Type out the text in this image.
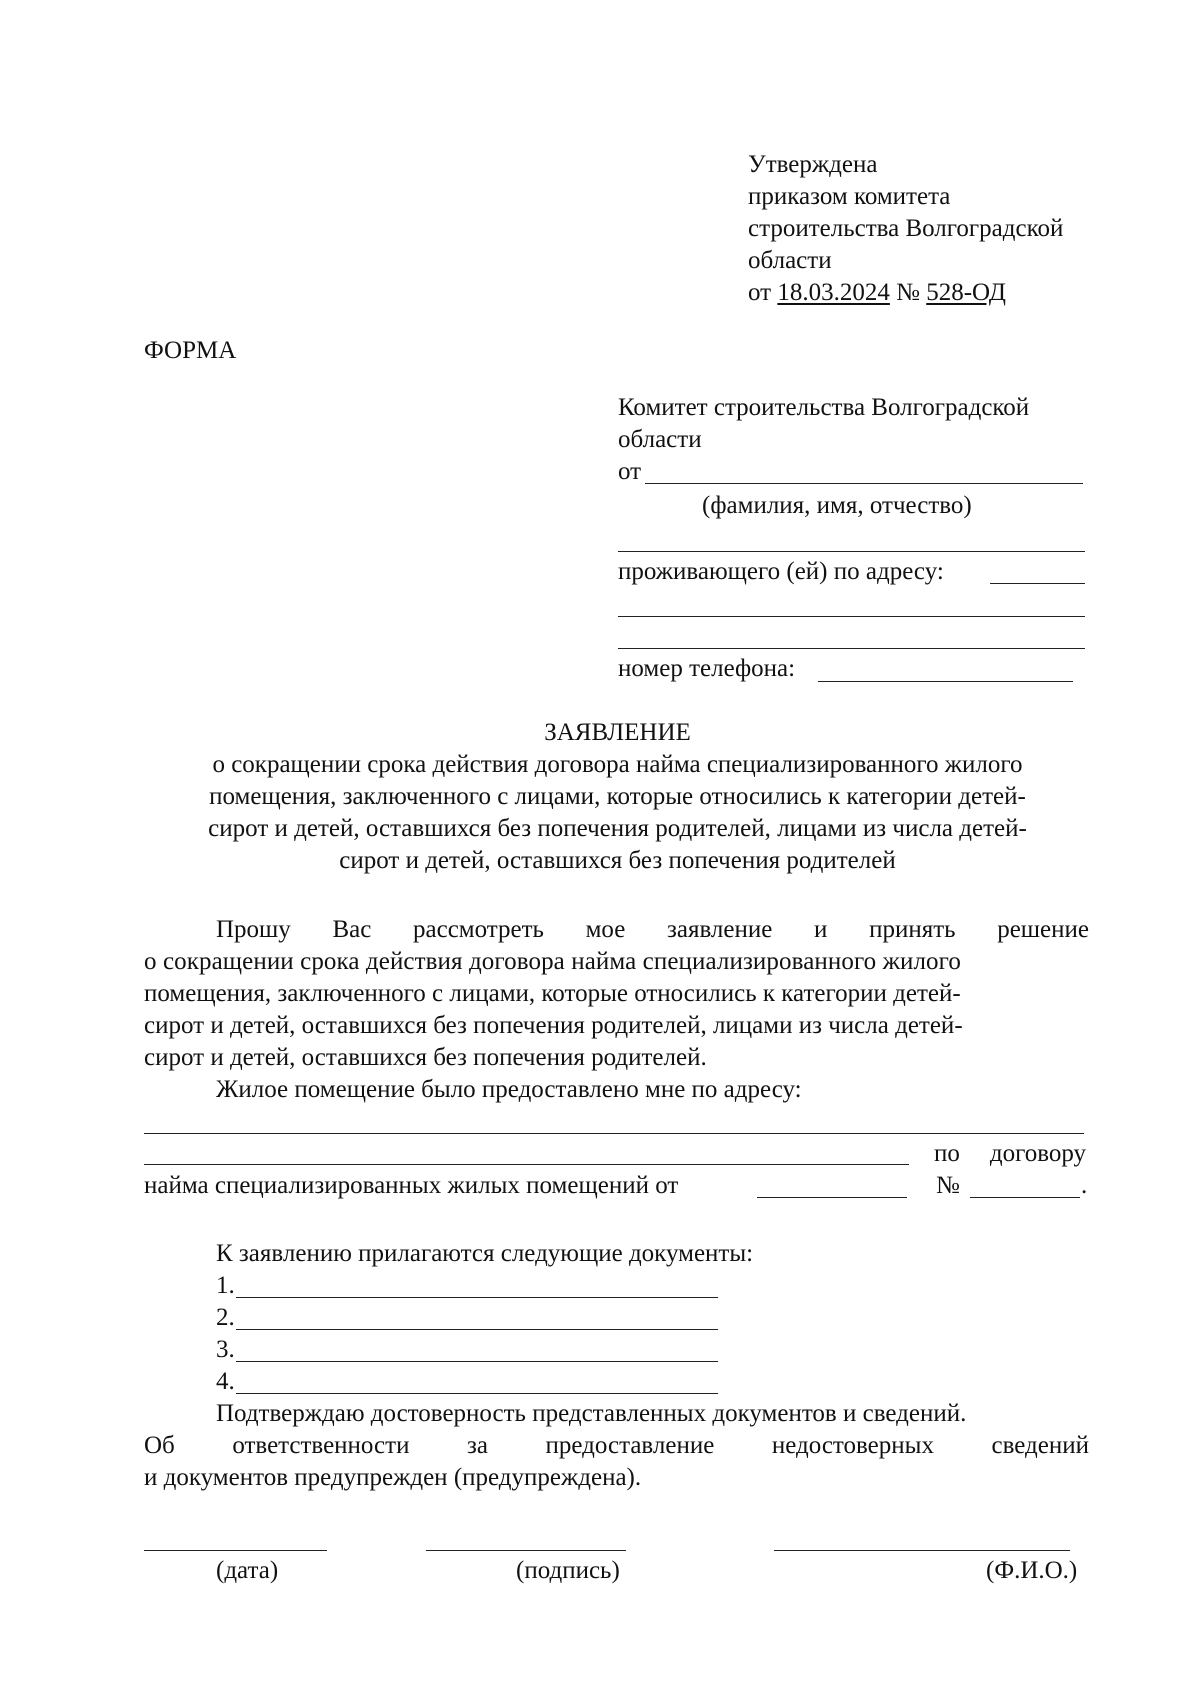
Утверждена
приказом комитета
строительства Волгоградской
области
от 18.03.2024 № 528-ОД
ФОРМА
Комитет строительства Волгоградской
области
от
(фамилия, имя, отчество)
проживающего (ей) по адресу:
номер телефона:
ЗАЯВЛЕНИЕ
о сокращении срока действия договора найма специализированного жилого
помещения, заключенного с лицами, которые относились к категории детей-
сирот и детей, оставшихся без попечения родителей, лицами из числа детей-
сирот и детей, оставшихся без попечения родителей
Прошу Вас рассмотреть мое заявление и принять решение
о сокращении срока действия договора найма специализированного жилого
помещения, заключенного с лицами, которые относились к категории детей-
сирот и детей, оставшихся без попечения родителей, лицами из числа детей-
сирот и детей, оставшихся без попечения родителей.
Жилое помещение было предоставлено мне по адресу:
по договору
найма специализированных жилых помещений от	№	.
К заявлению прилагаются следующие документы:
1.
2.
3.
4.
Подтверждаю достоверность представленных документов и сведений.
Об ответственности за предоставление недостоверных сведений
и документов предупрежден (предупреждена).
(дата)	(подпись)	(Ф.И.О.)
